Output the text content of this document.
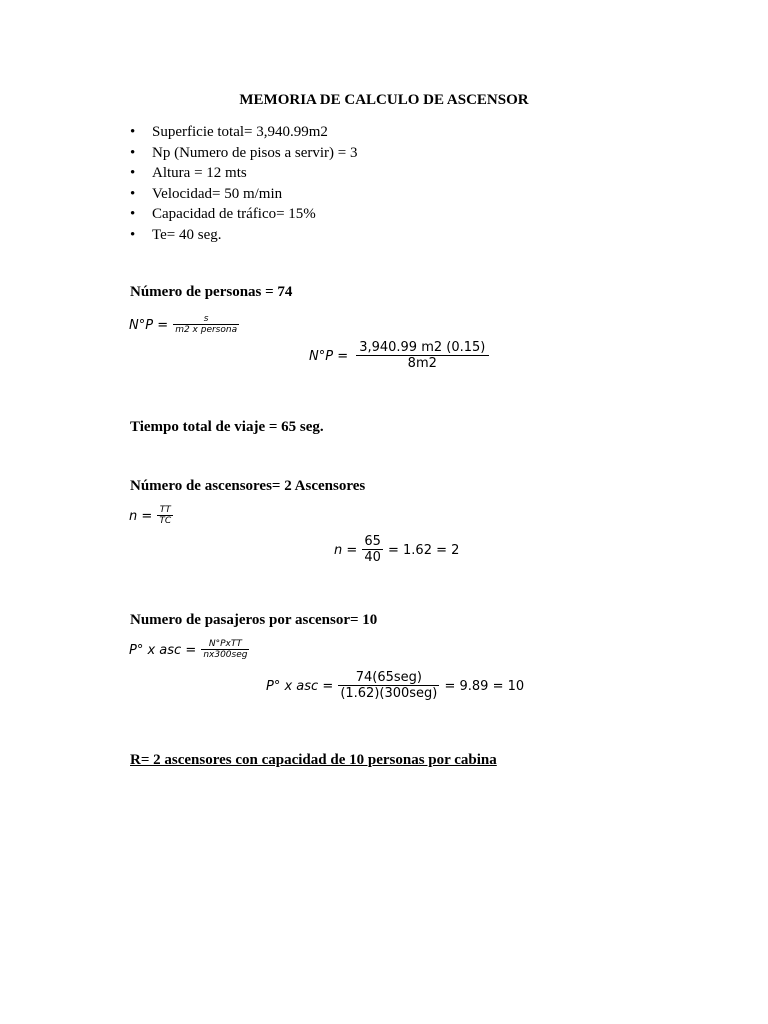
MEMORIA DE CALCULO DE ASCENSOR
• Superficie total= 3,940.99m2
• Np (Numero de pisos a servir) = 3
• Altura = 12 mts
• Velocidad= 50 m/min
• Capacidad de tráfico= 15%
• Te= 40 seg.
Número de personas = 74
$N^\circ P = \frac{s}{\text{m2 x persona}}$
$N^\circ P = \frac{3,940.99 m2 (0.15)}{8m2}$
Tiempo total de viaje = 65 seg.
Número de ascensores= 2 Ascensores
$n = \frac{TT}{TC}$
$n = \frac{65}{40} = 1.62 = 2$
Numero de pasajeros por ascensor= 10
P° x asc = $\frac{\text{N°PxTT}}{\text{nx300seg}}$
P° x asc = $\frac{\text{74(65seg)}}{\text{(1.62)(300seg)}} = 9.89 = 10$
R= 2 ascensores con capacidad de 10 personas por cabina
